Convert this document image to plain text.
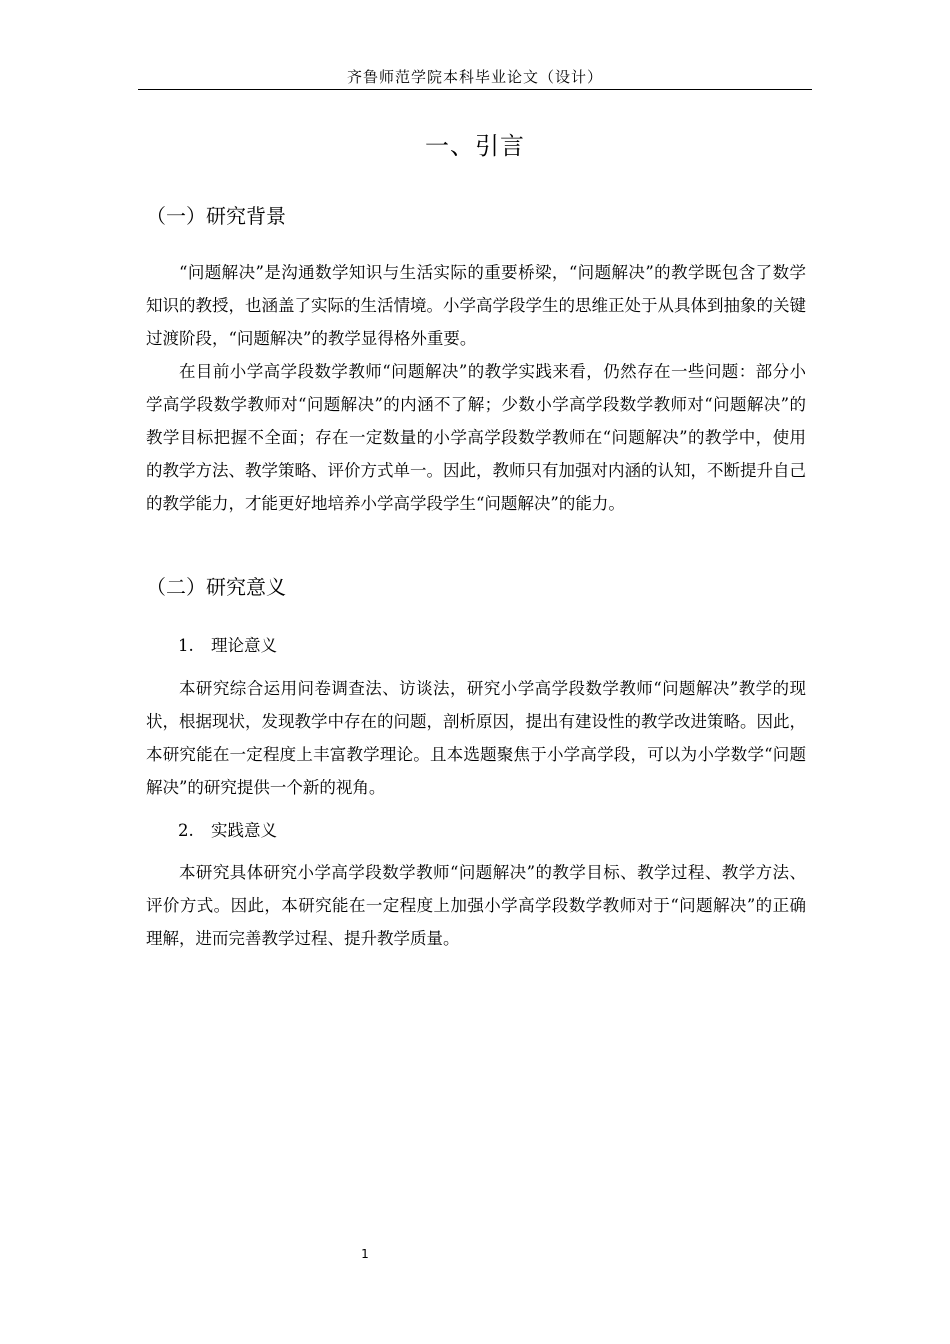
齐鲁师范学院本科毕业论文（设计）
一、引言
（一）研究背景

“问题解决”是沟通数学知识与生活实际的重要桥梁，“问题解决”的教学既包含了数学知识的教授，也涵盖了实际的生活情境。小学高学段学生的思维正处于从具体到抽象的关键过渡阶段，“问题解决”的教学显得格外重要。

在目前小学高学段数学教师“问题解决”的教学实践来看，仍然存在一些问题：部分小学高学段数学教师对“问题解决”的内涵不了解；少数小学高学段数学教师对“问题解决”的教学目标把握不全面；存在一定数量的小学高学段数学教师在“问题解决”的教学中，使用的教学方法、教学策略、评价方式单一。因此，教师只有加强对内涵的认知，不断提升自己的教学能力，才能更好地培养小学高学段学生“问题解决”的能力。

（二）研究意义
1. 理论意义

本研究综合运用问卷调查法、访谈法，研究小学高学段数学教师“问题解决”教学的现状，根据现状，发现教学中存在的问题，剖析原因，提出有建设性的教学改进策略。因此，本研究能在一定程度上丰富教学理论。且本选题聚焦于小学高学段，可以为小学数学“问题解决”的研究提供一个新的视角。

2. 实践意义

本研究具体研究小学高学段数学教师“问题解决”的教学目标、教学过程、教学方法、评价方式。因此，本研究能在一定程度上加强小学高学段数学教师对于“问题解决”的正确理解，进而完善教学过程、提升教学质量。

1
